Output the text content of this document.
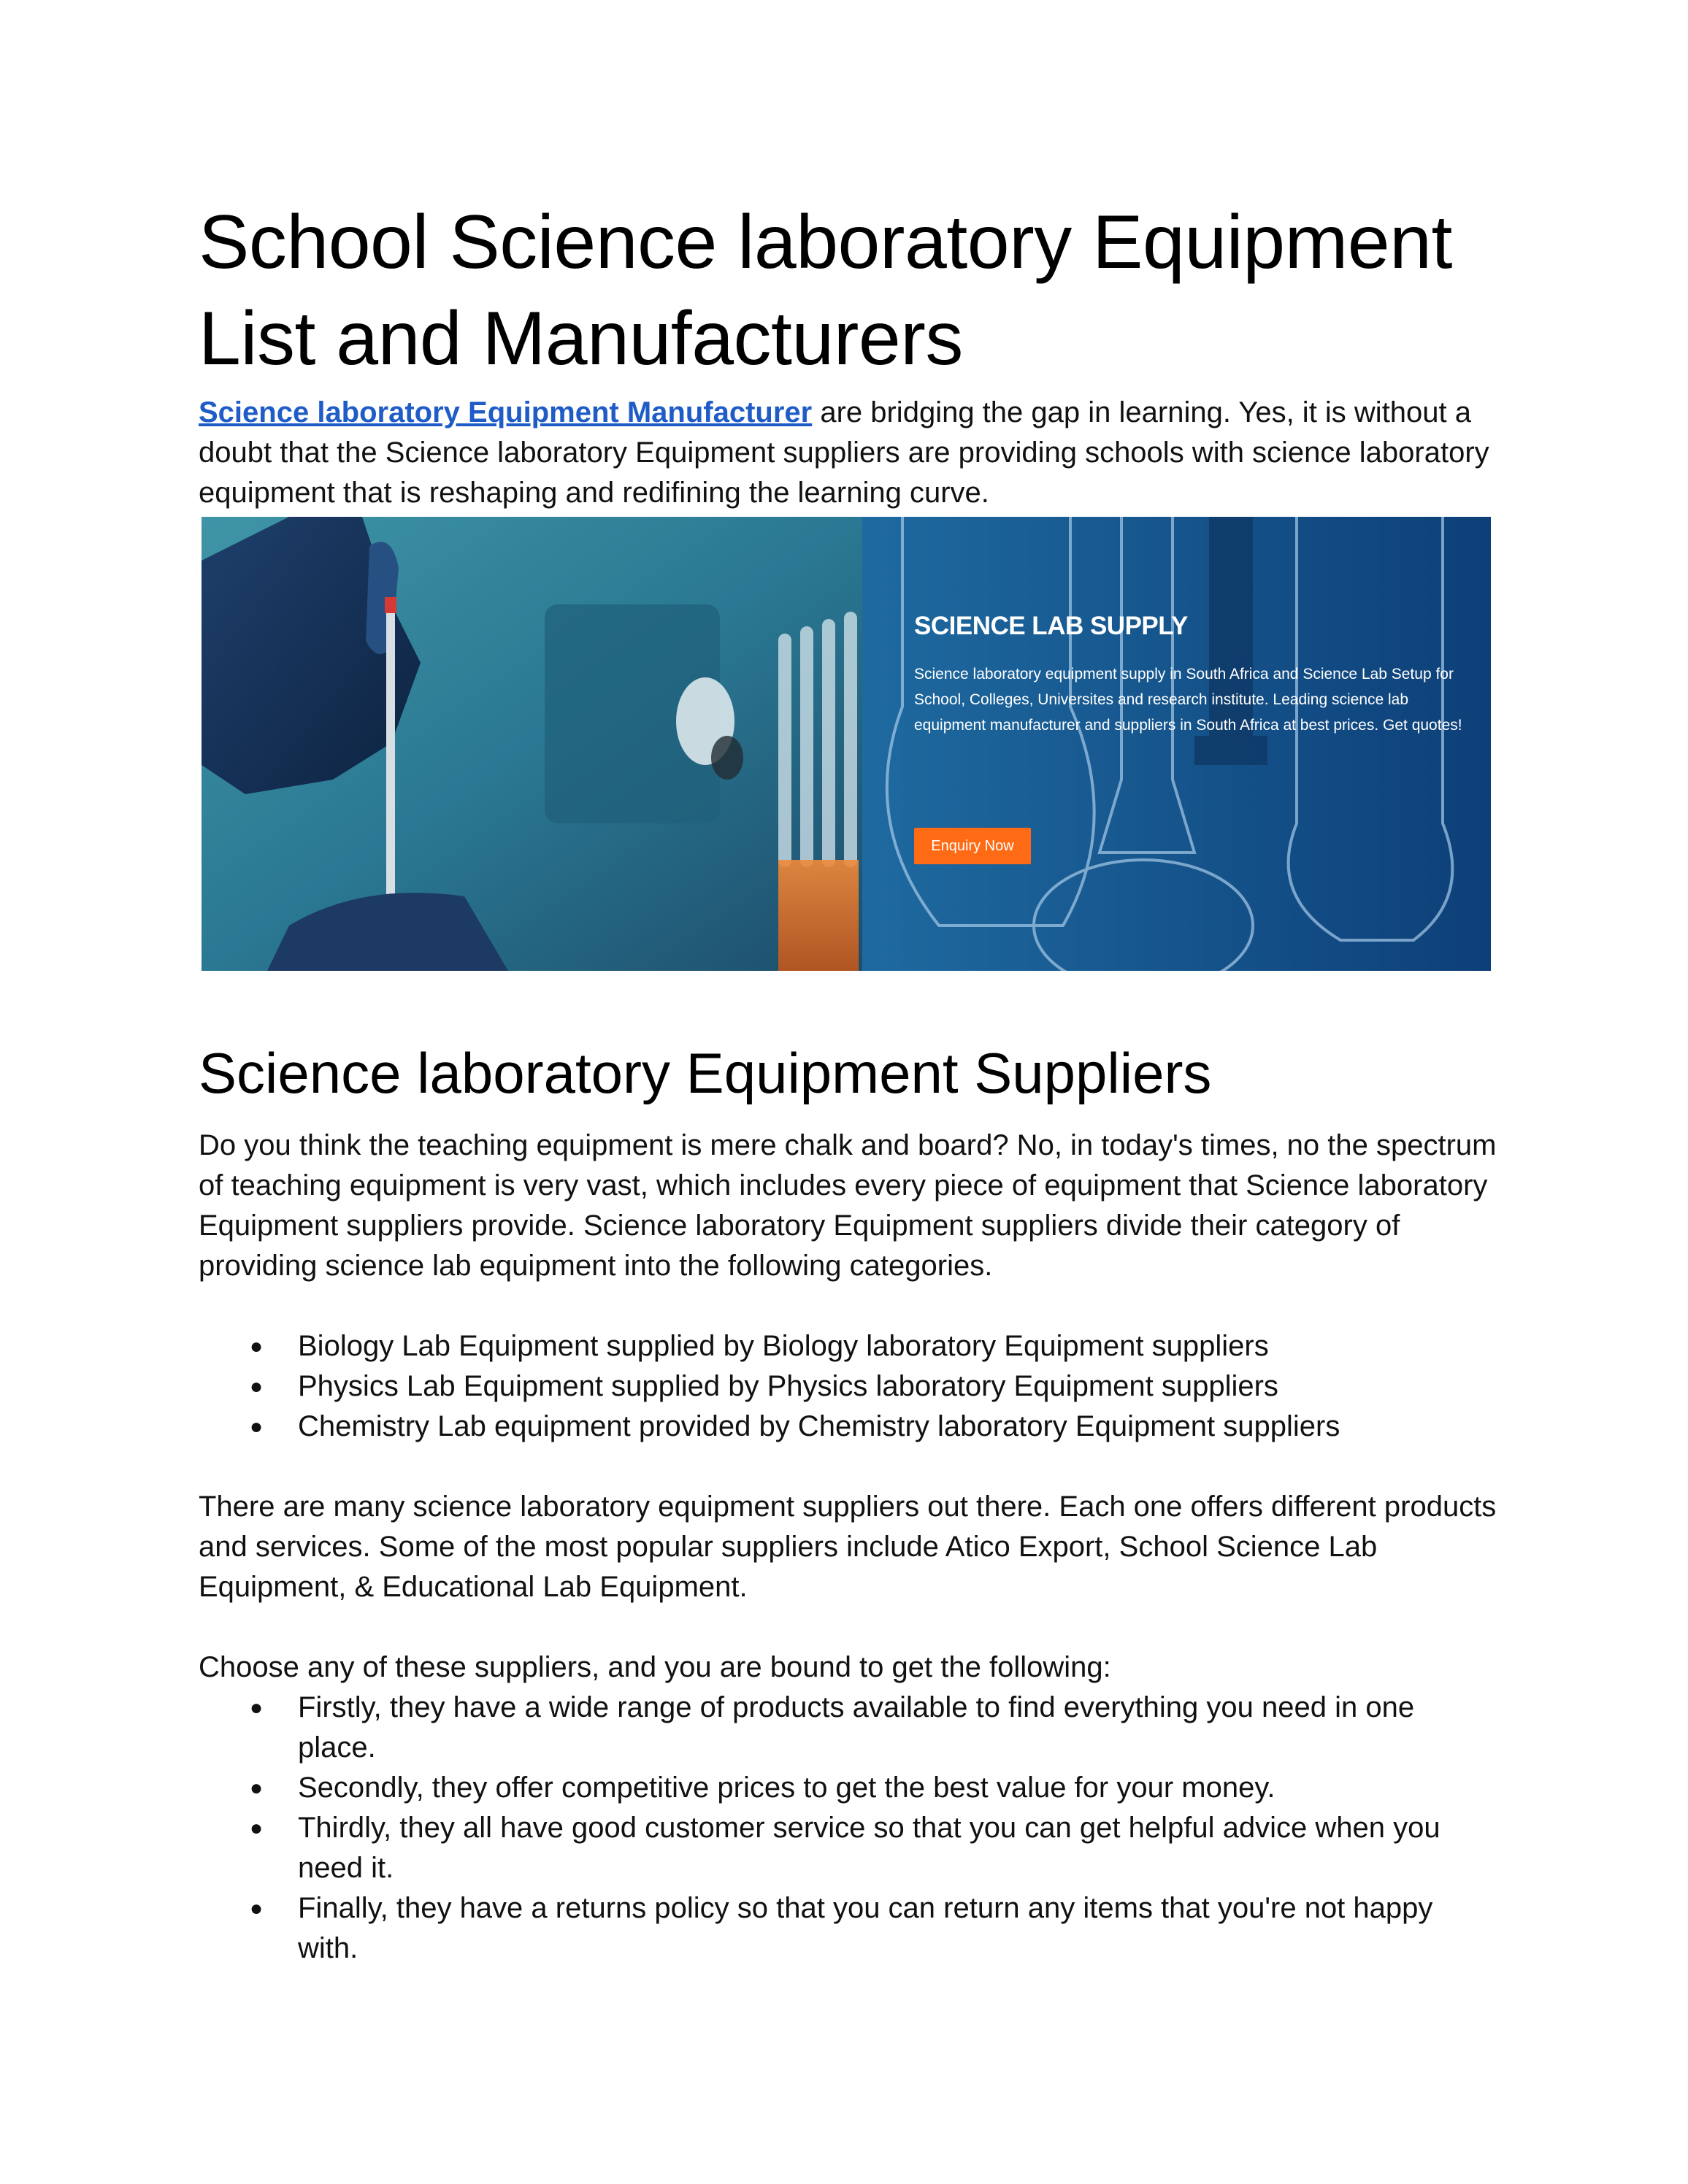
School Science laboratory Equipment List and Manufacturers

Science laboratory Equipment Manufacturer are bridging the gap in learning. Yes, it is without a doubt that the Science laboratory Equipment suppliers are providing schools with science laboratory equipment that is reshaping and redifining the learning curve.

SCIENCE LAB SUPPLY

Science laboratory equipment supply in South Africa and Science Lab Setup for School, Colleges, Universites and research institute. Leading science lab equipment manufacturer and suppliers in South Africa at best prices. Get quotes!

Enquiry Now
Science laboratory Equipment Suppliers

Do you think the teaching equipment is mere chalk and board? No, in today's times, no the spectrum of teaching equipment is very vast, which includes every piece of equipment that Science laboratory Equipment suppliers provide. Science laboratory Equipment suppliers divide their category of providing science lab equipment into the following categories.

● Biology Lab Equipment supplied by Biology laboratory Equipment suppliers
● Physics Lab Equipment supplied by Physics laboratory Equipment suppliers
● Chemistry Lab equipment provided by Chemistry laboratory Equipment suppliers

There are many science laboratory equipment suppliers out there. Each one offers different products and services. Some of the most popular suppliers include Atico Export, School Science Lab Equipment, & Educational Lab Equipment.

Choose any of these suppliers, and you are bound to get the following:

● Firstly, they have a wide range of products available to find everything you need in one place.
● Secondly, they offer competitive prices to get the best value for your money.
● Thirdly, they all have good customer service so that you can get helpful advice when you need it.
● Finally, they have a returns policy so that you can return any items that you're not happy with.
